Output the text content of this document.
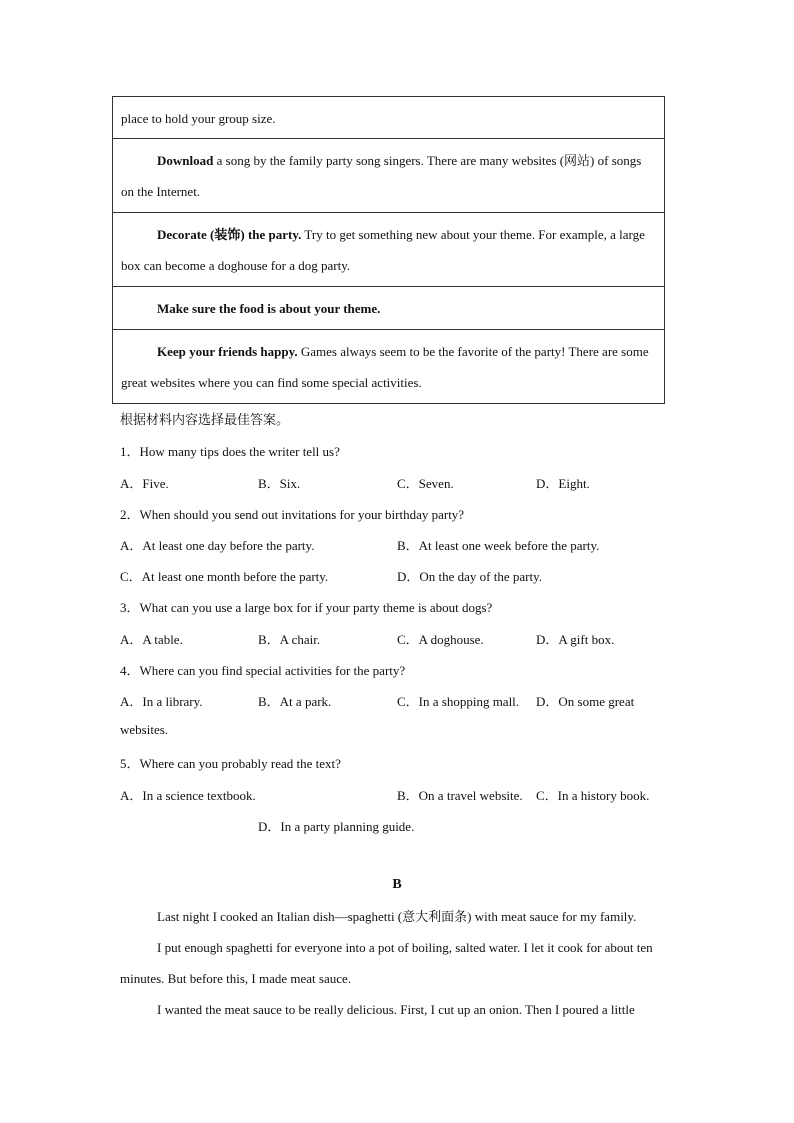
place to hold your group size.
Download a song by the family party song singers. There are many websites (网站) of songs on the Internet.
Decorate (装饰) the party. Try to get something new about your theme. For example, a large box can become a doghouse for a dog party.
Make sure the food is about your theme.
Keep your friends happy. Games always seem to be the favorite of the party! There are some great websites where you can find some special activities.
根据材料内容选择最佳答案。
1．How many tips does the writer tell us?
A．Five.	B．Six.	C．Seven.	D．Eight.
2．When should you send out invitations for your birthday party?
A．At least one day before the party.	B．At least one week before the party.
C．At least one month before the party.	D．On the day of the party.
3．What can you use a large box for if your party theme is about dogs?
A．A table.	B．A chair.	C．A doghouse.	D．A gift box.
4．Where can you find special activities for the party?
A．In a library.	B．At a park.	C．In a shopping mall. D．On some great
websites.
5．Where can you probably read the text?
A．In a science textbook.	B．On a travel website. C．In a history book.
D．In a party planning guide.
B
Last night I cooked an Italian dish—spaghetti (意大利面条) with meat sauce for my family.
I put enough spaghetti for everyone into a pot of boiling, salted water. I let it cook for about ten minutes. But before this, I made meat sauce.
I wanted the meat sauce to be really delicious. First, I cut up an onion. Then I poured a little
